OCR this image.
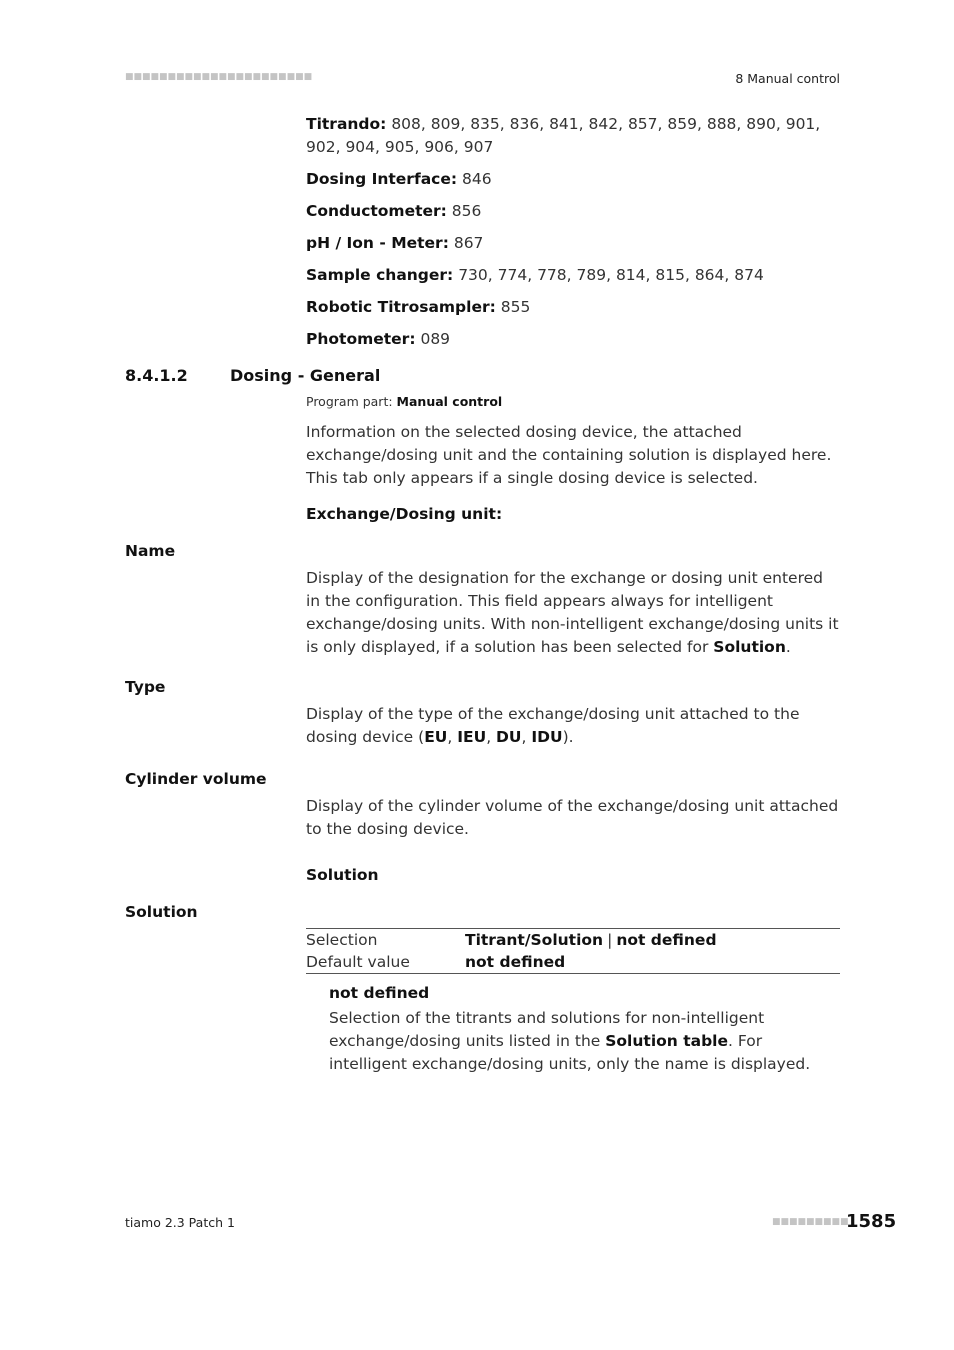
■■■■■■■■■■■■■■■■■■■■■■	8 Manual control
Titrando: 808, 809, 835, 836, 841, 842, 857, 859, 888, 890, 901, 902, 904, 905, 906, 907
Dosing Interface: 846
Conductometer: 856
pH / Ion - Meter: 867
Sample changer: 730, 774, 778, 789, 814, 815, 864, 874
Robotic Titrosampler: 855
Photometer: 089
8.4.1.2	Dosing - General
Program part: Manual control
Information on the selected dosing device, the attached exchange/dosing unit and the containing solution is displayed here. This tab only appears if a single dosing device is selected.
Exchange/Dosing unit:
Name
Display of the designation for the exchange or dosing unit entered in the configuration. This field appears always for intelligent exchange/dosing units. With non-intelligent exchange/dosing units it is only displayed, if a solution has been selected for Solution.
Type
Display of the type of the exchange/dosing unit attached to the dosing device (EU, IEU, DU, IDU).
Cylinder volume
Display of the cylinder volume of the exchange/dosing unit attached to the dosing device.
Solution
Solution
Selection	Titrant/Solution | not defined
Default value	not defined
not defined
Selection of the titrants and solutions for non-intelligent exchange/dosing units listed in the Solution table. For intelligent exchange/dosing units, only the name is displayed.
tiamo 2.3 Patch 1	■■■■■■■■■
1585
